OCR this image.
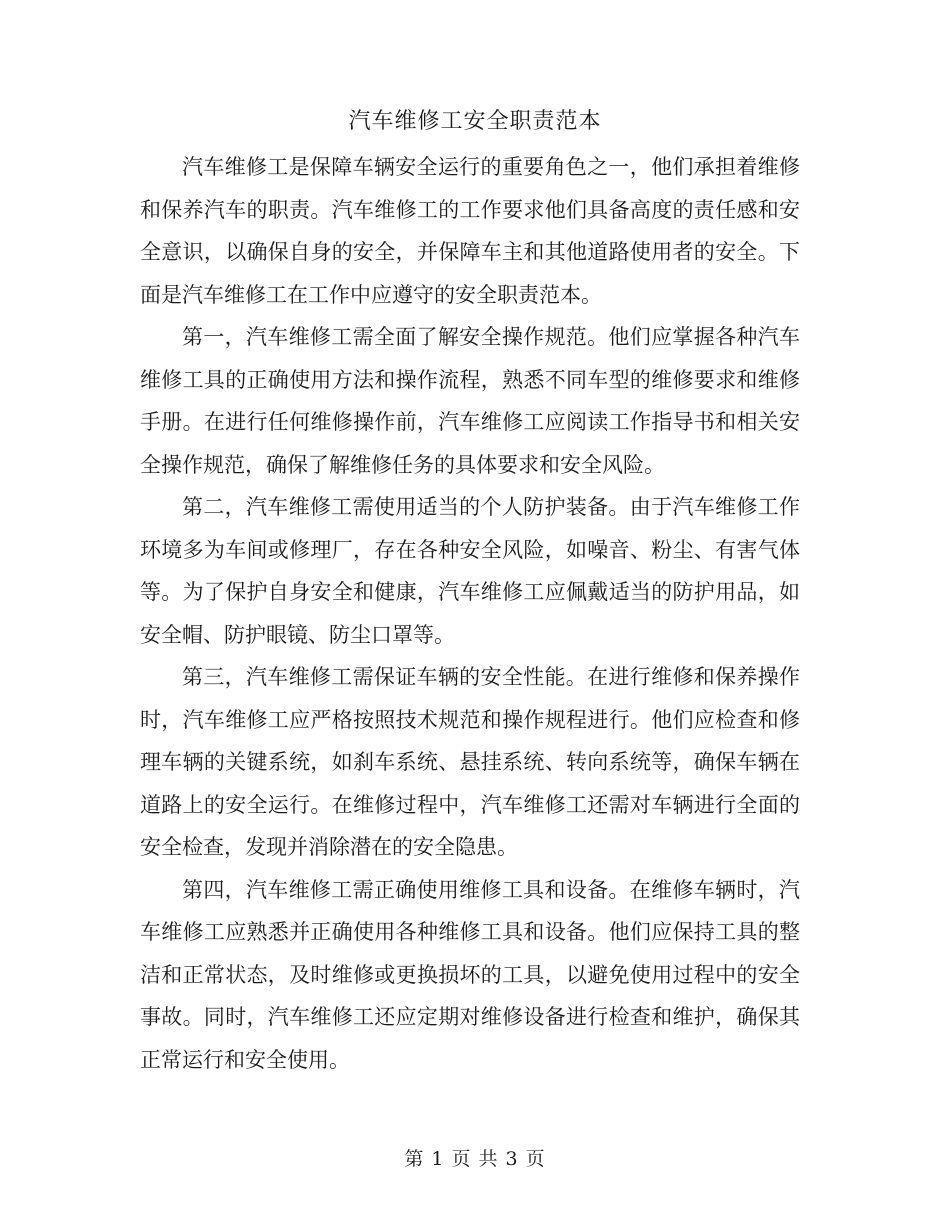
汽车维修工安全职责范本

汽车维修工是保障车辆安全运行的重要角色之一，他们承担着维修和保养汽车的职责。汽车维修工的工作要求他们具备高度的责任感和安全意识，以确保自身的安全，并保障车主和其他道路使用者的安全。下面是汽车维修工在工作中应遵守的安全职责范本。

第一，汽车维修工需全面了解安全操作规范。他们应掌握各种汽车维修工具的正确使用方法和操作流程，熟悉不同车型的维修要求和维修手册。在进行任何维修操作前，汽车维修工应阅读工作指导书和相关安全操作规范，确保了解维修任务的具体要求和安全风险。

第二，汽车维修工需使用适当的个人防护装备。由于汽车维修工作环境多为车间或修理厂，存在各种安全风险，如噪音、粉尘、有害气体等。为了保护自身安全和健康，汽车维修工应佩戴适当的防护用品，如安全帽、防护眼镜、防尘口罩等。

第三，汽车维修工需保证车辆的安全性能。在进行维修和保养操作时，汽车维修工应严格按照技术规范和操作规程进行。他们应检查和修理车辆的关键系统，如刹车系统、悬挂系统、转向系统等，确保车辆在道路上的安全运行。在维修过程中，汽车维修工还需对车辆进行全面的安全检查，发现并消除潜在的安全隐患。

第四，汽车维修工需正确使用维修工具和设备。在维修车辆时，汽车维修工应熟悉并正确使用各种维修工具和设备。他们应保持工具的整洁和正常状态，及时维修或更换损坏的工具，以避免使用过程中的安全事故。同时，汽车维修工还应定期对维修设备进行检查和维护，确保其正常运行和安全使用。

第 1 页 共 3 页
